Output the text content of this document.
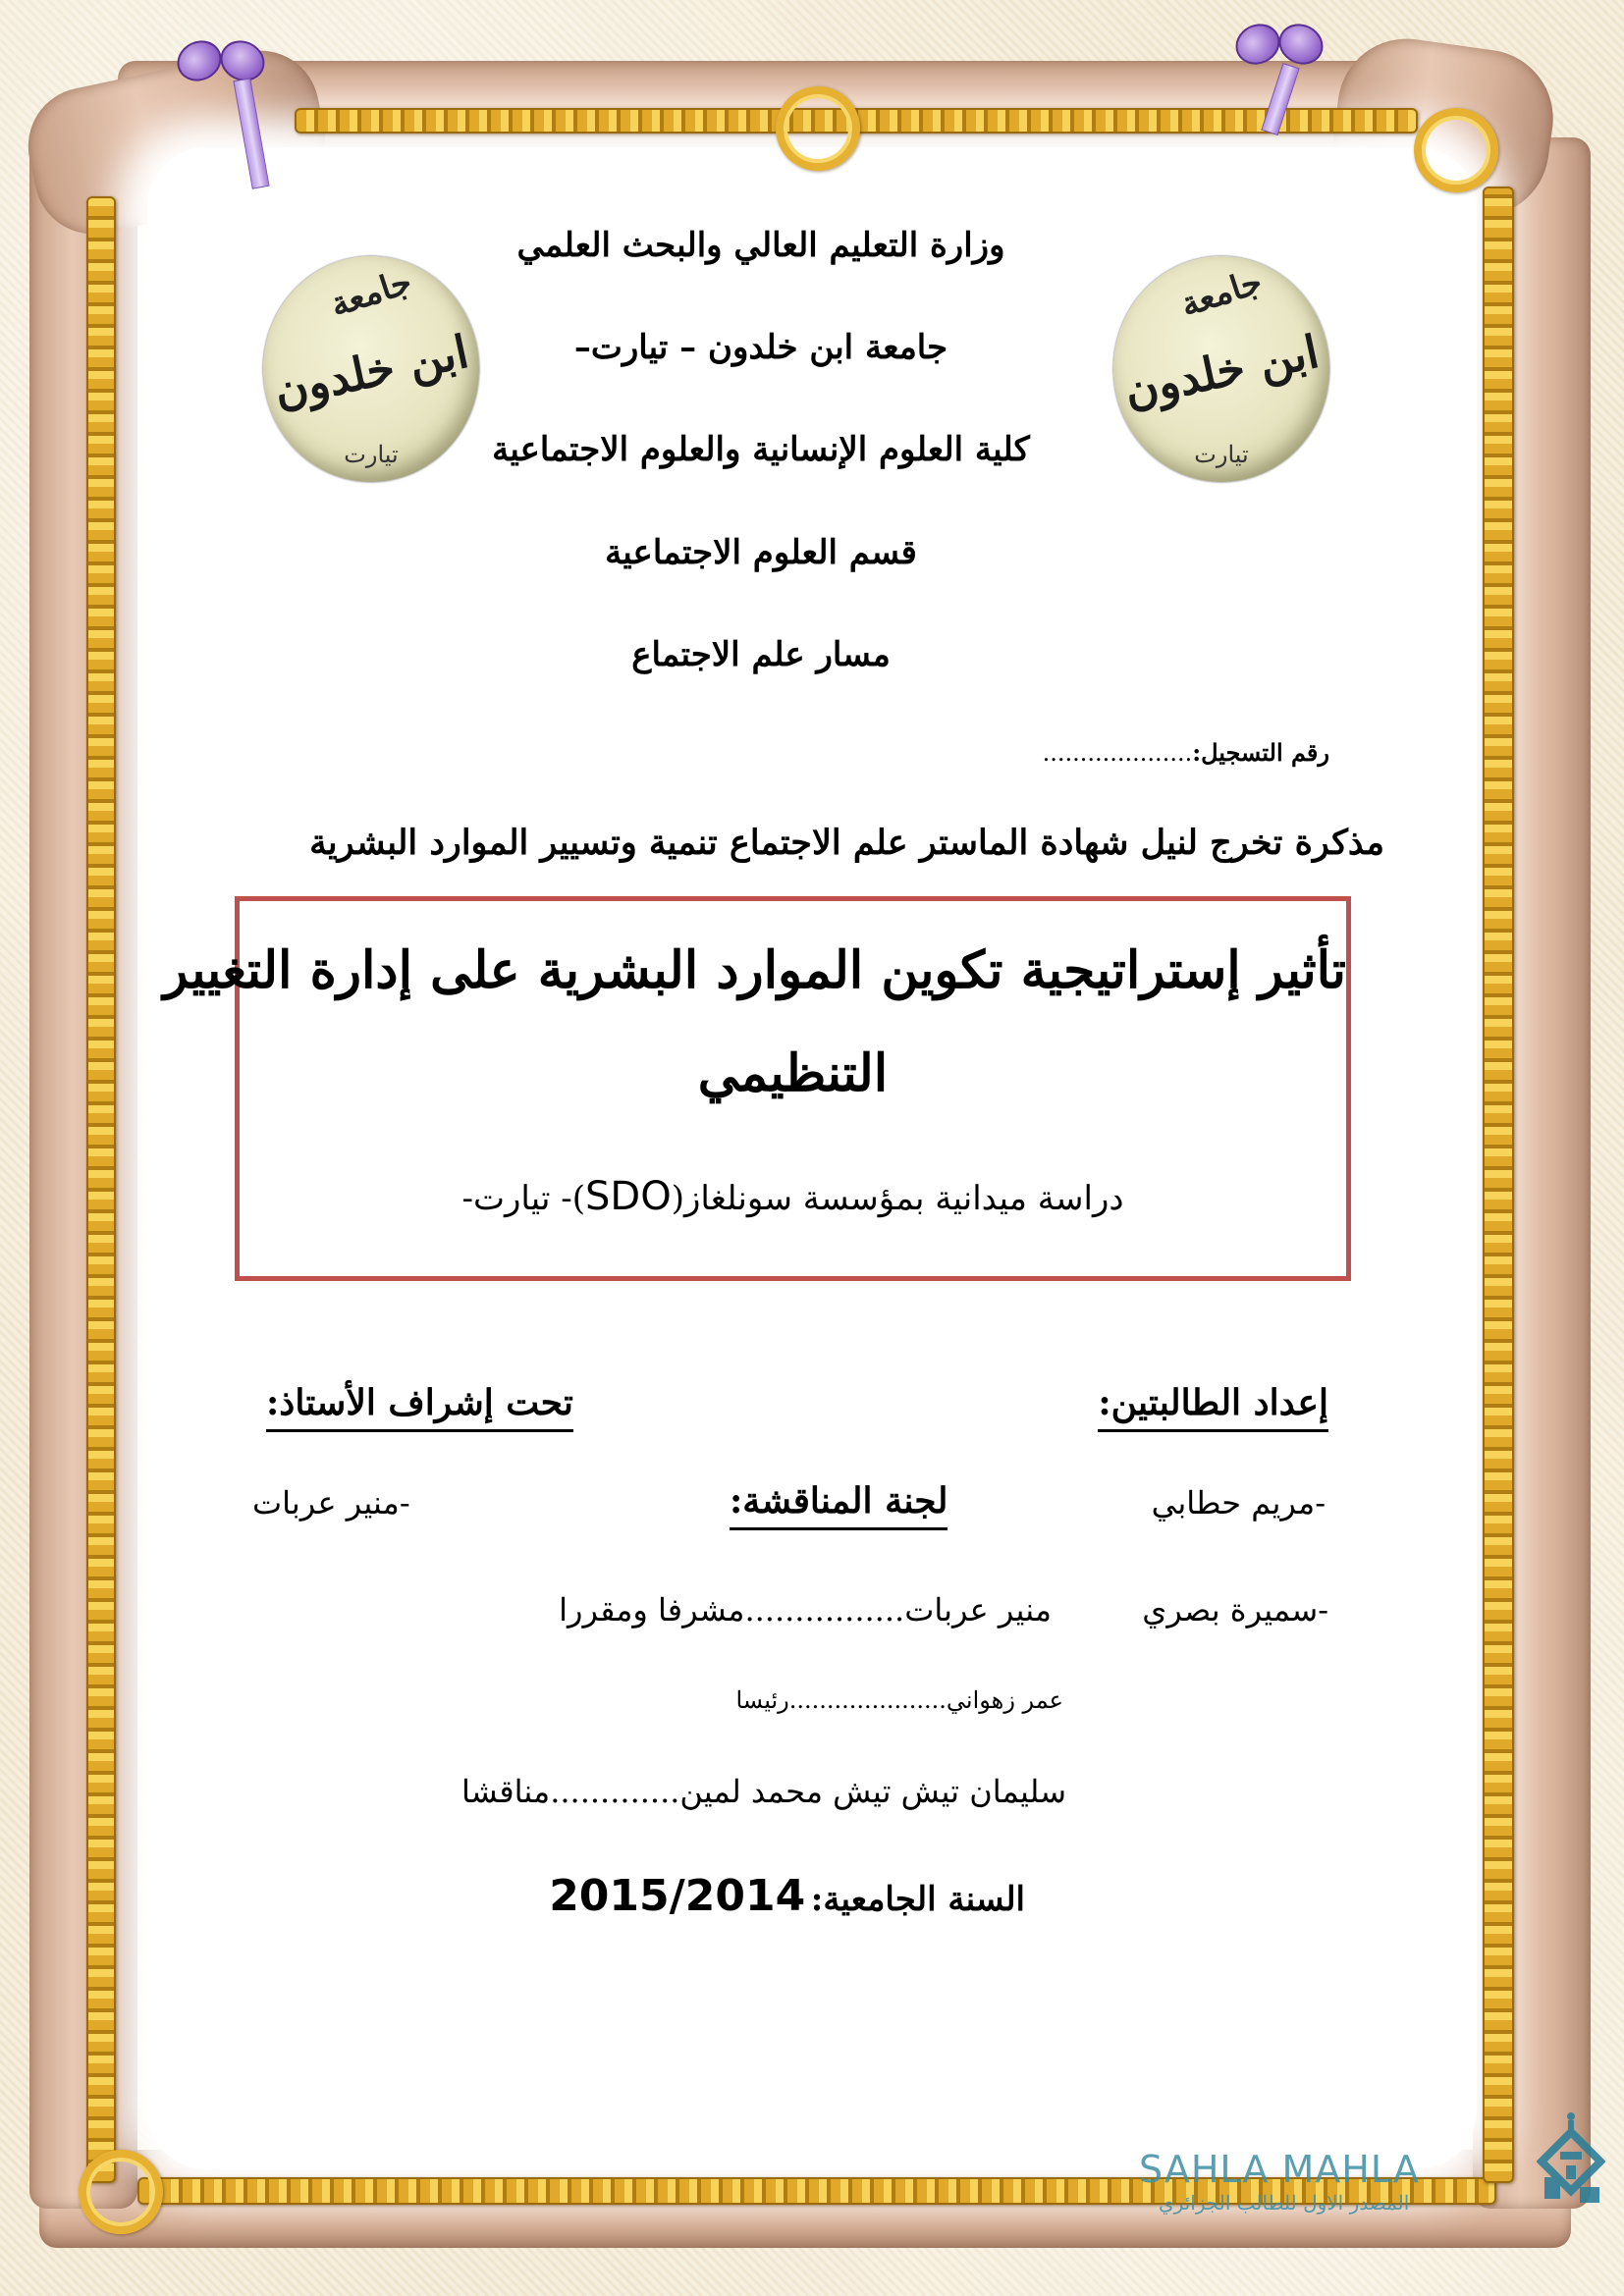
جامعة
ابن خلدون
تيارت
جامعة
ابن خلدون
تيارت
وزارة التعليم العالي والبحث العلمي
جامعة ابن خلدون – تيارت–
كلية العلوم الإنسانية والعلوم الاجتماعية
قسم العلوم الاجتماعية
مسار علم الاجتماع
رقم التسجيل:....................
مذكرة تخرج لنيل شهادة الماستر علم الاجتماع تنمية وتسيير الموارد البشرية
تأثير إستراتيجية تكوين الموارد البشرية على إدارة التغيير
التنظيمي
دراسة ميدانية بمؤسسة سونلغاز(SDO)- تيارت-
إعداد الطالبتين:
تحت إشراف الأستاذ:
لجنة المناقشة:	-مريم حطابي
-منير عربات
-سميرة بصري
منير عربات................مشرفا ومقررا
عمر زهواني.....................رئيسا
سليمان تيش تيش محمد لمين.............مناقشا
السنة الجامعية: 2015/2014
SAHLA MAHLA
المصدر الاول للطالب الجزائري
